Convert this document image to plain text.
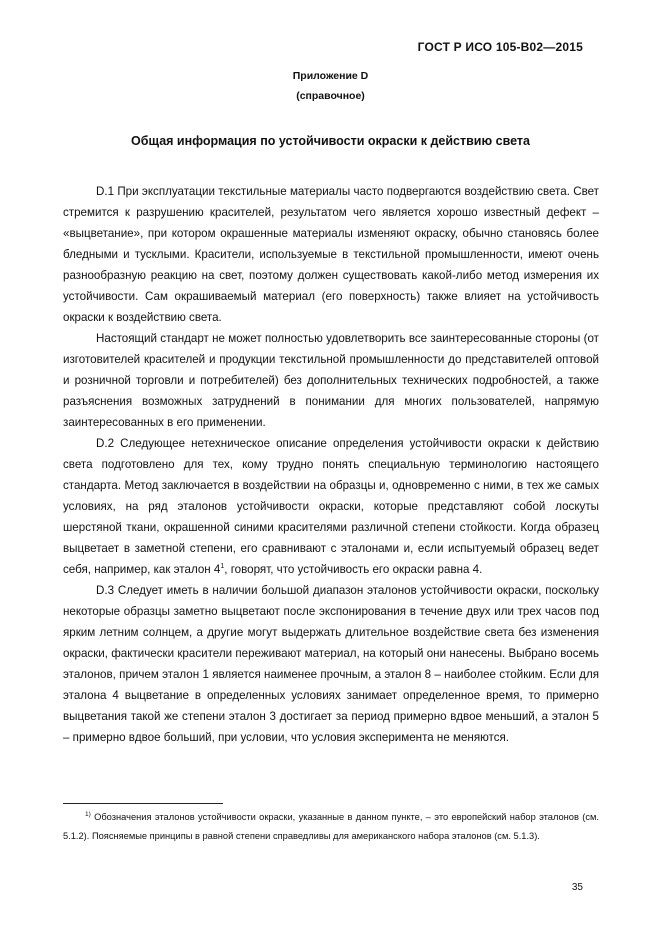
ГОСТ Р ИСО 105-В02—2015
Приложение D
(справочное)
Общая информация по устойчивости окраски к действию света

D.1 При эксплуатации текстильные материалы часто подвергаются воздействию света. Свет стремится к разрушению красителей, результатом чего является хорошо известный дефект – «выцветание», при котором окрашенные материалы изменяют окраску, обычно становясь более бледными и тусклыми. Красители, используемые в текстильной промышленности, имеют очень разнообразную реакцию на свет, поэтому должен существовать какой-либо метод измерения их устойчивости. Сам окрашиваемый материал (его поверхность) также влияет на устойчивость окраски к воздействию света.

Настоящий стандарт не может полностью удовлетворить все заинтересованные стороны (от изготовителей красителей и продукции текстильной промышленности до представителей оптовой и розничной торговли и потребителей) без дополнительных технических подробностей, а также разъяснения возможных затруднений в понимании для многих пользователей, напрямую заинтересованных в его применении.

D.2 Следующее нетехническое описание определения устойчивости окраски к действию света подготовлено для тех, кому трудно понять специальную терминологию настоящего стандарта. Метод заключается в воздействии на образцы и, одновременно с ними, в тех же самых условиях, на ряд эталонов устойчивости окраски, которые представляют собой лоскуты шерстяной ткани, окрашенной синими красителями различной степени стойкости. Когда образец выцветает в заметной степени, его сравнивают с эталонами и, если испытуемый образец ведет себя, например, как эталон $4^1$, говорят, что устойчивость его окраски равна 4.

D.3 Следует иметь в наличии большой диапазон эталонов устойчивости окраски, поскольку некоторые образцы заметно выцветают после экспонирования в течение двух или трех часов под ярким летним солнцем, а другие могут выдержать длительное воздействие света без изменения окраски, фактически красители переживают материал, на который они нанесены. Выбрано восемь эталонов, причем эталон 1 является наименее прочным, а эталон 8 – наиболее стойким. Если для эталона 4 выцветание в определенных условиях занимает определенное время, то примерно выцветания такой же степени эталон 3 достигает за период примерно вдвое меньший, а эталон 5 – примерно вдвое больший, при условии, что условия эксперимента не меняются.

$^{1)}$ Обозначения эталонов устойчивости окраски, указанные в данном пункте, – это европейский набор эталонов (см. 5.1.2). Поясняемые принципы в равной степени справедливы для американского набора эталонов (см. 5.1.3).

35
